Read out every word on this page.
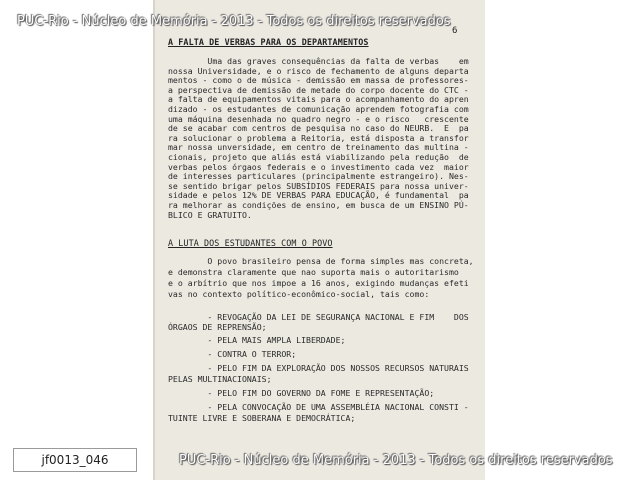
6
A FALTA DE VERBAS PARA OS DEPARTAMENTOS
Uma das graves consequências da falta de verbas    em
nossa Universidade, e o risco de fechamento de alguns departa
mentos - como o de música - demissão em massa de professores-
a perspectiva de demissão de metade do corpo docente do CTC -
a falta de equipamentos vitais para o acompanhamento do apren
dizado - os estudantes de comunicação aprendem fotografia com
uma máquina desenhada no quadro negro - e o risco   crescente
de se acabar com centros de pesquisa no caso do NEURB.  E  pa
ra solucionar o problema a Reitoria, está disposta a transfor
mar nossa unversidade, em centro de treinamento das multina -
cionais, projeto que aliás está viabilizando pela redução  de
verbas pelos órgaos federais e o investimento cada vez  maior
de interesses particulares (principalmente estrangeiro). Nes-
se sentido brigar pelos SUBSÍDIOS FEDERAIS para nossa univer-
sidade e pelos 12% DE VERBAS PARA EDUCAÇÃO, é fundamental  pa
ra melhorar as condições de ensino, em busca de um ENSINO PÚ-
BLICO E GRATUITO.
A LUTA DOS ESTUDANTES COM O POVO
O povo brasileiro pensa de forma simples mas concreta,
e demonstra claramente que nao suporta mais o autoritarismo
e o arbítrio que nos impoe a 16 anos, exigindo mudanças efeti
vas no contexto político-econômico-social, tais como:
- REVOGAÇÃO DA LEI DE SEGURANÇA NACIONAL E FIM    DOS
ÓRGAOS DE REPRENSÃO;
- PELA MAIS AMPLA LIBERDADE;
- CONTRA O TERROR;
- PELO FIM DA EXPLORAÇÃO DOS NOSSOS RECURSOS NATURAIS
PELAS MULTINACIONAIS;
- PELO FIM DO GOVERNO DA FOME E REPRESENTAÇÃO;
- PELA CONVOCAÇÃO DE UMA ASSEMBLÉIA NACIONAL CONSTI -
TUINTE LIVRE E SOBERANA E DEMOCRÁTICA;
PUC-Rio - Núcleo de Memória - 2013 - Todos os direitos reservados
PUC-Rio - Núcleo de Memória - 2013 - Todos os direitos reservados
jf0013_046
